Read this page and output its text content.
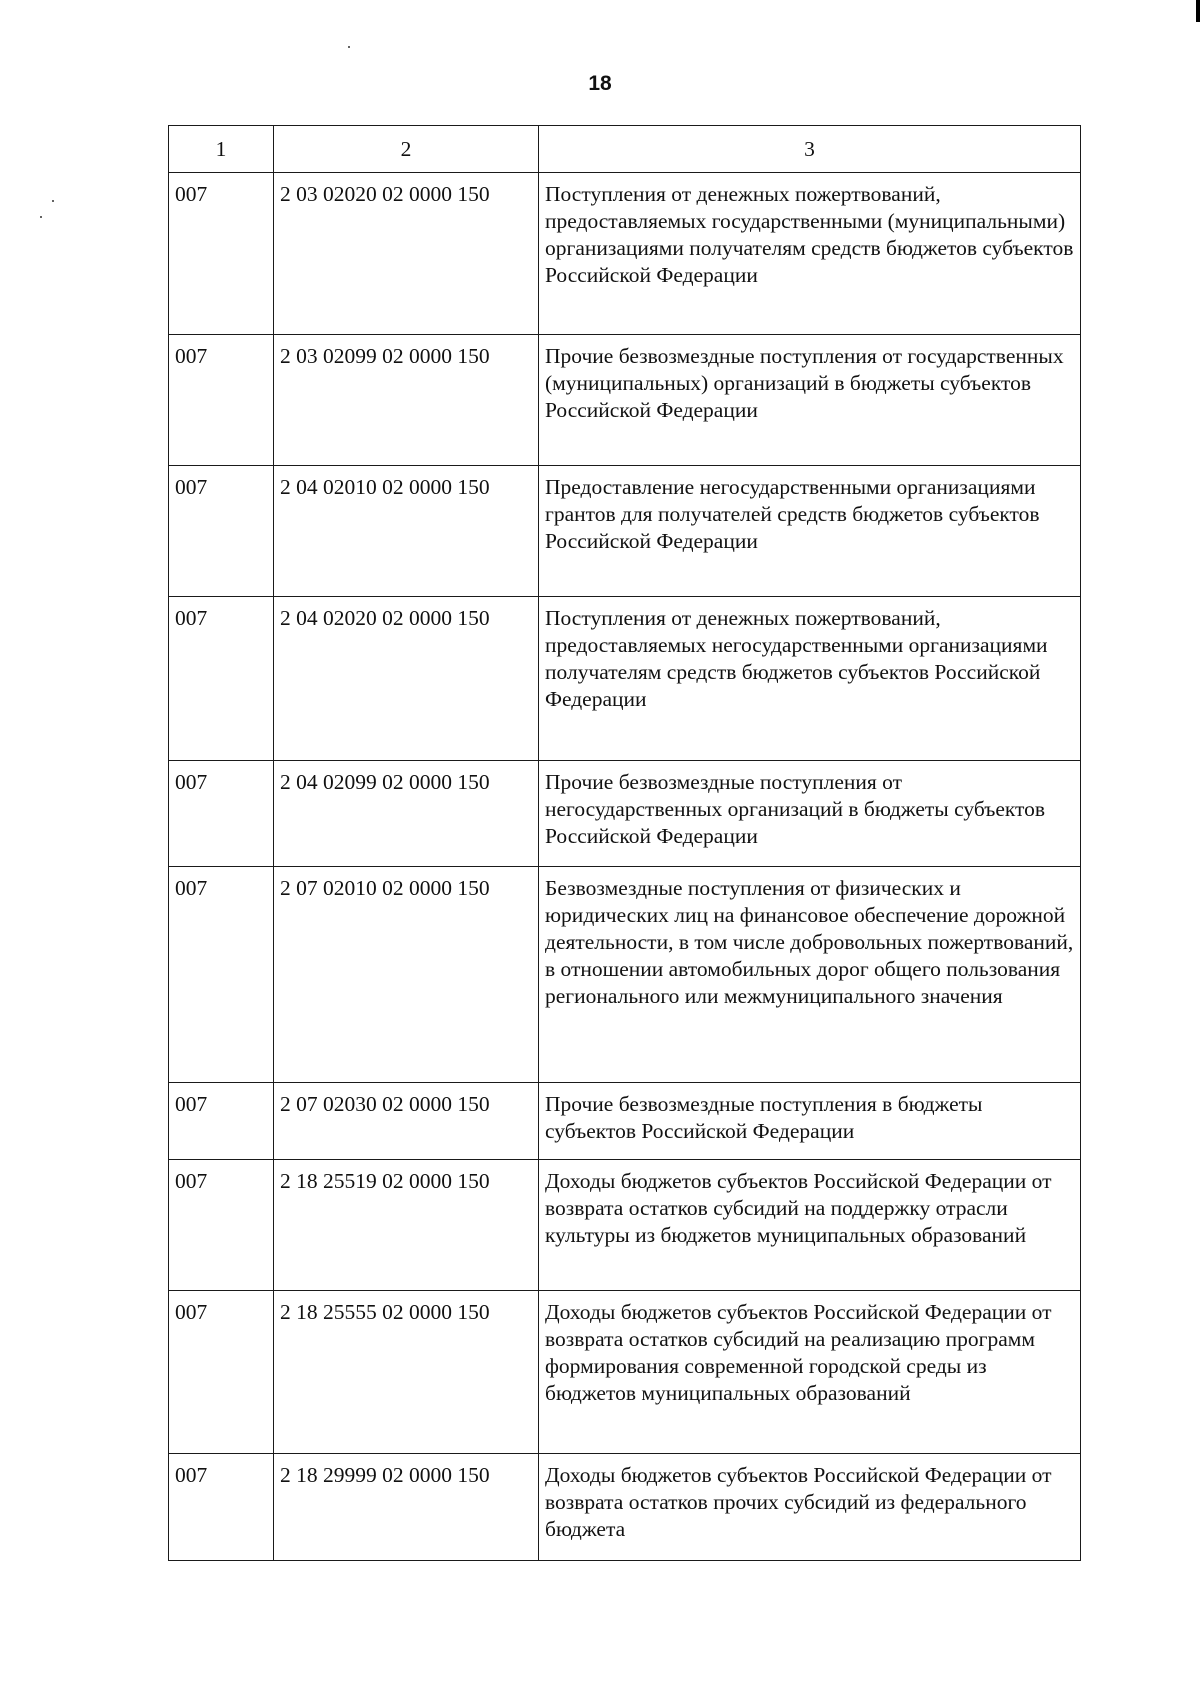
18
1	2	3
007	2 03 02020 02 0000 150	Поступления от денежных пожертвований, предоставляемых государственными (муниципальными) организациями получателям средств бюджетов субъектов Российской Федерации
007	2 03 02099 02 0000 150	Прочие безвозмездные поступления от государственных (муниципальных) организаций в бюджеты субъектов Российской Федерации
007	2 04 02010 02 0000 150	Предоставление негосударственными организациями грантов для получателей средств бюджетов субъектов Российской Федерации
007	2 04 02020 02 0000 150	Поступления от денежных пожертвований, предоставляемых негосударственными организациями получателям средств бюджетов субъектов Российской Федерации
007	2 04 02099 02 0000 150	Прочие безвозмездные поступления от негосударственных организаций в бюджеты субъектов Российской Федерации
007	2 07 02010 02 0000 150	Безвозмездные поступления от физических и юридических лиц на финансовое обеспечение дорожной деятельности, в том числе добровольных пожертвований, в отношении автомобильных дорог общего пользования регионального или межмуниципального значения
007	2 07 02030 02 0000 150	Прочие безвозмездные поступления в бюджеты субъектов Российской Федерации
007	2 18 25519 02 0000 150	Доходы бюджетов субъектов Российской Федерации от возврата остатков субсидий на поддержку отрасли культуры из бюджетов муниципальных образований
007	2 18 25555 02 0000 150	Доходы бюджетов субъектов Российской Федерации от возврата остатков субсидий на реализацию программ формирования современной городской среды из бюджетов муниципальных образований
007	2 18 29999 02 0000 150	Доходы бюджетов субъектов Российской Федерации от возврата остатков прочих субсидий из федерального бюджета
